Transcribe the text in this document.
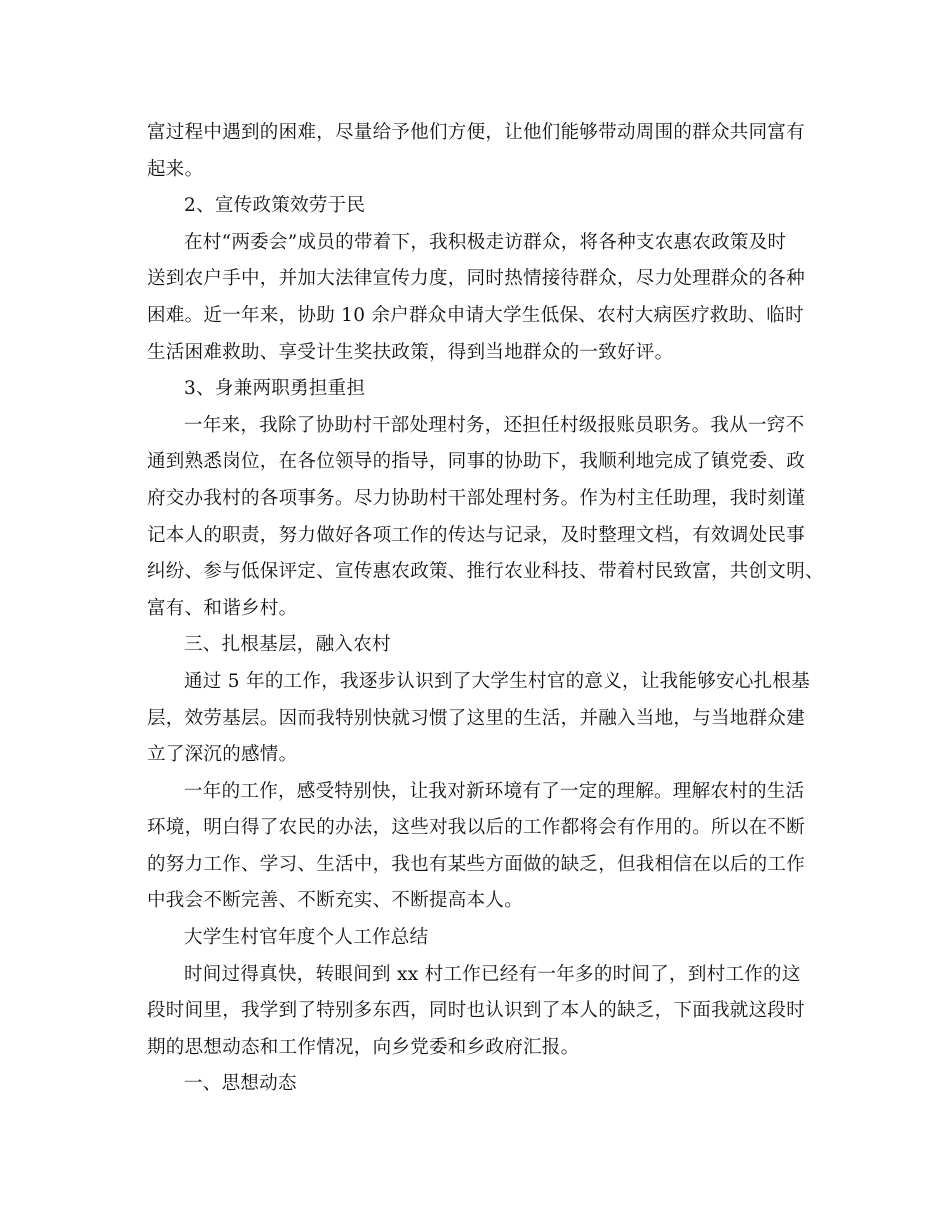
富过程中遇到的困难，尽量给予他们方便，让他们能够带动周围的群众共同富有
起来。
2、宣传政策效劳于民
在村“两委会”成员的带着下，我积极走访群众，将各种支农惠农政策及时
送到农户手中，并加大法律宣传力度，同时热情接待群众，尽力处理群众的各种
困难。近一年来，协助 10 余户群众申请大学生低保、农村大病医疗救助、临时
生活困难救助、享受计生奖扶政策，得到当地群众的一致好评。
3、身兼两职勇担重担
一年来，我除了协助村干部处理村务，还担任村级报账员职务。我从一窍不
通到熟悉岗位，在各位领导的指导，同事的协助下，我顺利地完成了镇党委、政
府交办我村的各项事务。尽力协助村干部处理村务。作为村主任助理，我时刻谨
记本人的职责，努力做好各项工作的传达与记录，及时整理文档，有效调处民事
纠纷、参与低保评定、宣传惠农政策、推行农业科技、带着村民致富，共创文明、
富有、和谐乡村。
三、扎根基层，融入农村
通过 5 年的工作，我逐步认识到了大学生村官的意义，让我能够安心扎根基
层，效劳基层。因而我特别快就习惯了这里的生活，并融入当地，与当地群众建
立了深沉的感情。
一年的工作，感受特别快，让我对新环境有了一定的理解。理解农村的生活
环境，明白得了农民的办法，这些对我以后的工作都将会有作用的。所以在不断
的努力工作、学习、生活中，我也有某些方面做的缺乏，但我相信在以后的工作
中我会不断完善、不断充实、不断提高本人。
大学生村官年度个人工作总结
时间过得真快，转眼间到 xx 村工作已经有一年多的时间了，到村工作的这
段时间里，我学到了特别多东西，同时也认识到了本人的缺乏，下面我就这段时
期的思想动态和工作情况，向乡党委和乡政府汇报。
一、思想动态
